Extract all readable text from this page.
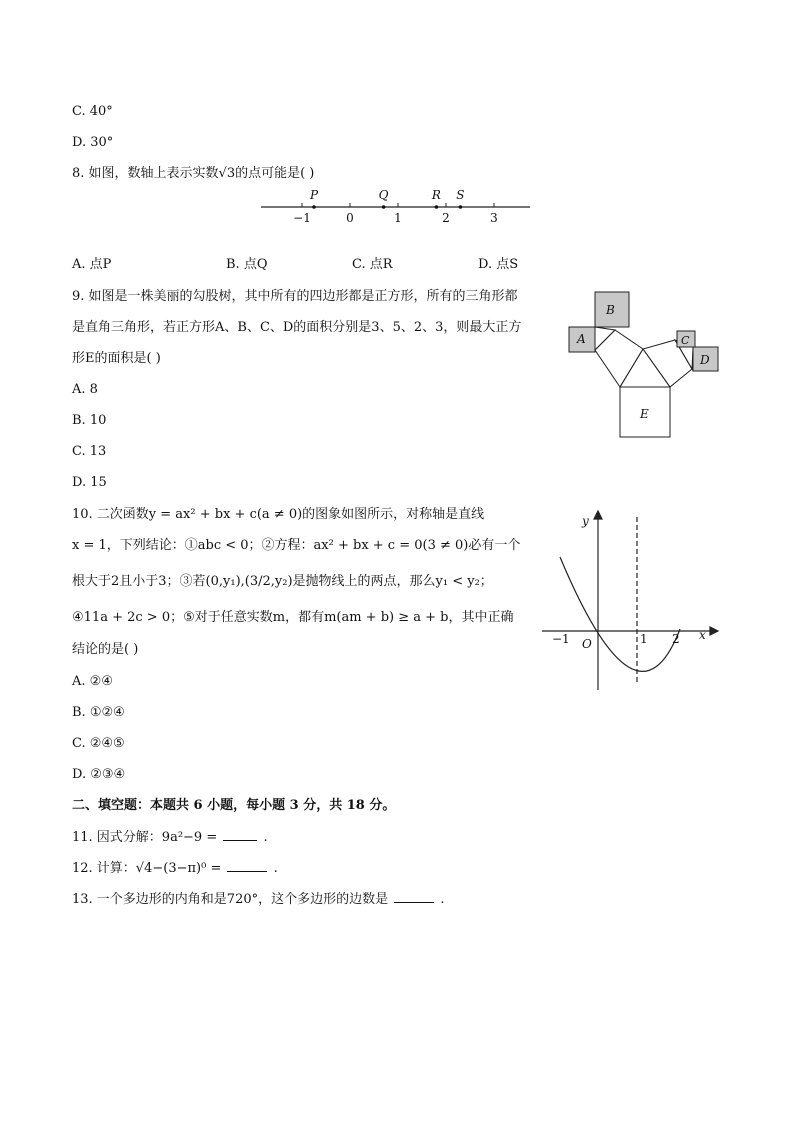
C. 40°
D. 30°
8. 如图，数轴上表示实数√3的点可能是( )
−1	0	1	2	3
P	Q	R S
A. 点P	B. 点Q	C. 点R	D. 点S
9. 如图是一株美丽的勾股树，其中所有的四边形都是正方形，所有的三角形都
是直角三角形，若正方形A、B、C、D的面积分别是3、5、2、3，则最大正方
形E的面积是( )
A. 8
B. 10
C. 13
D. 15
B
A	C
D
E
10. 二次函数y = ax² + bx + c(a ≠ 0)的图象如图所示，对称轴是直线
x = 1，下列结论：①abc < 0；②方程：ax² + bx + c = 0(3 ≠ 0)必有一个
根大于2且小于3；③若(0,y₁),(3/2,y₂)是抛物线上的两点，那么y₁ < y₂；
④11a + 2c > 0；⑤对于任意实数m，都有m(am + b) ≥ a + b，其中正确
结论的是( )
A. ②④
B. ①②④
C. ②④⑤
D. ②③④
y
x
O
−1	1 2
二、填空题：本题共 6 小题，每小题 3 分，共 18 分。
11. 因式分解：9a²−9 =	.
12. 计算：√4−(3−π)⁰ =	.
13. 一个多边形的内角和是720°，这个多边形的边数是	.
